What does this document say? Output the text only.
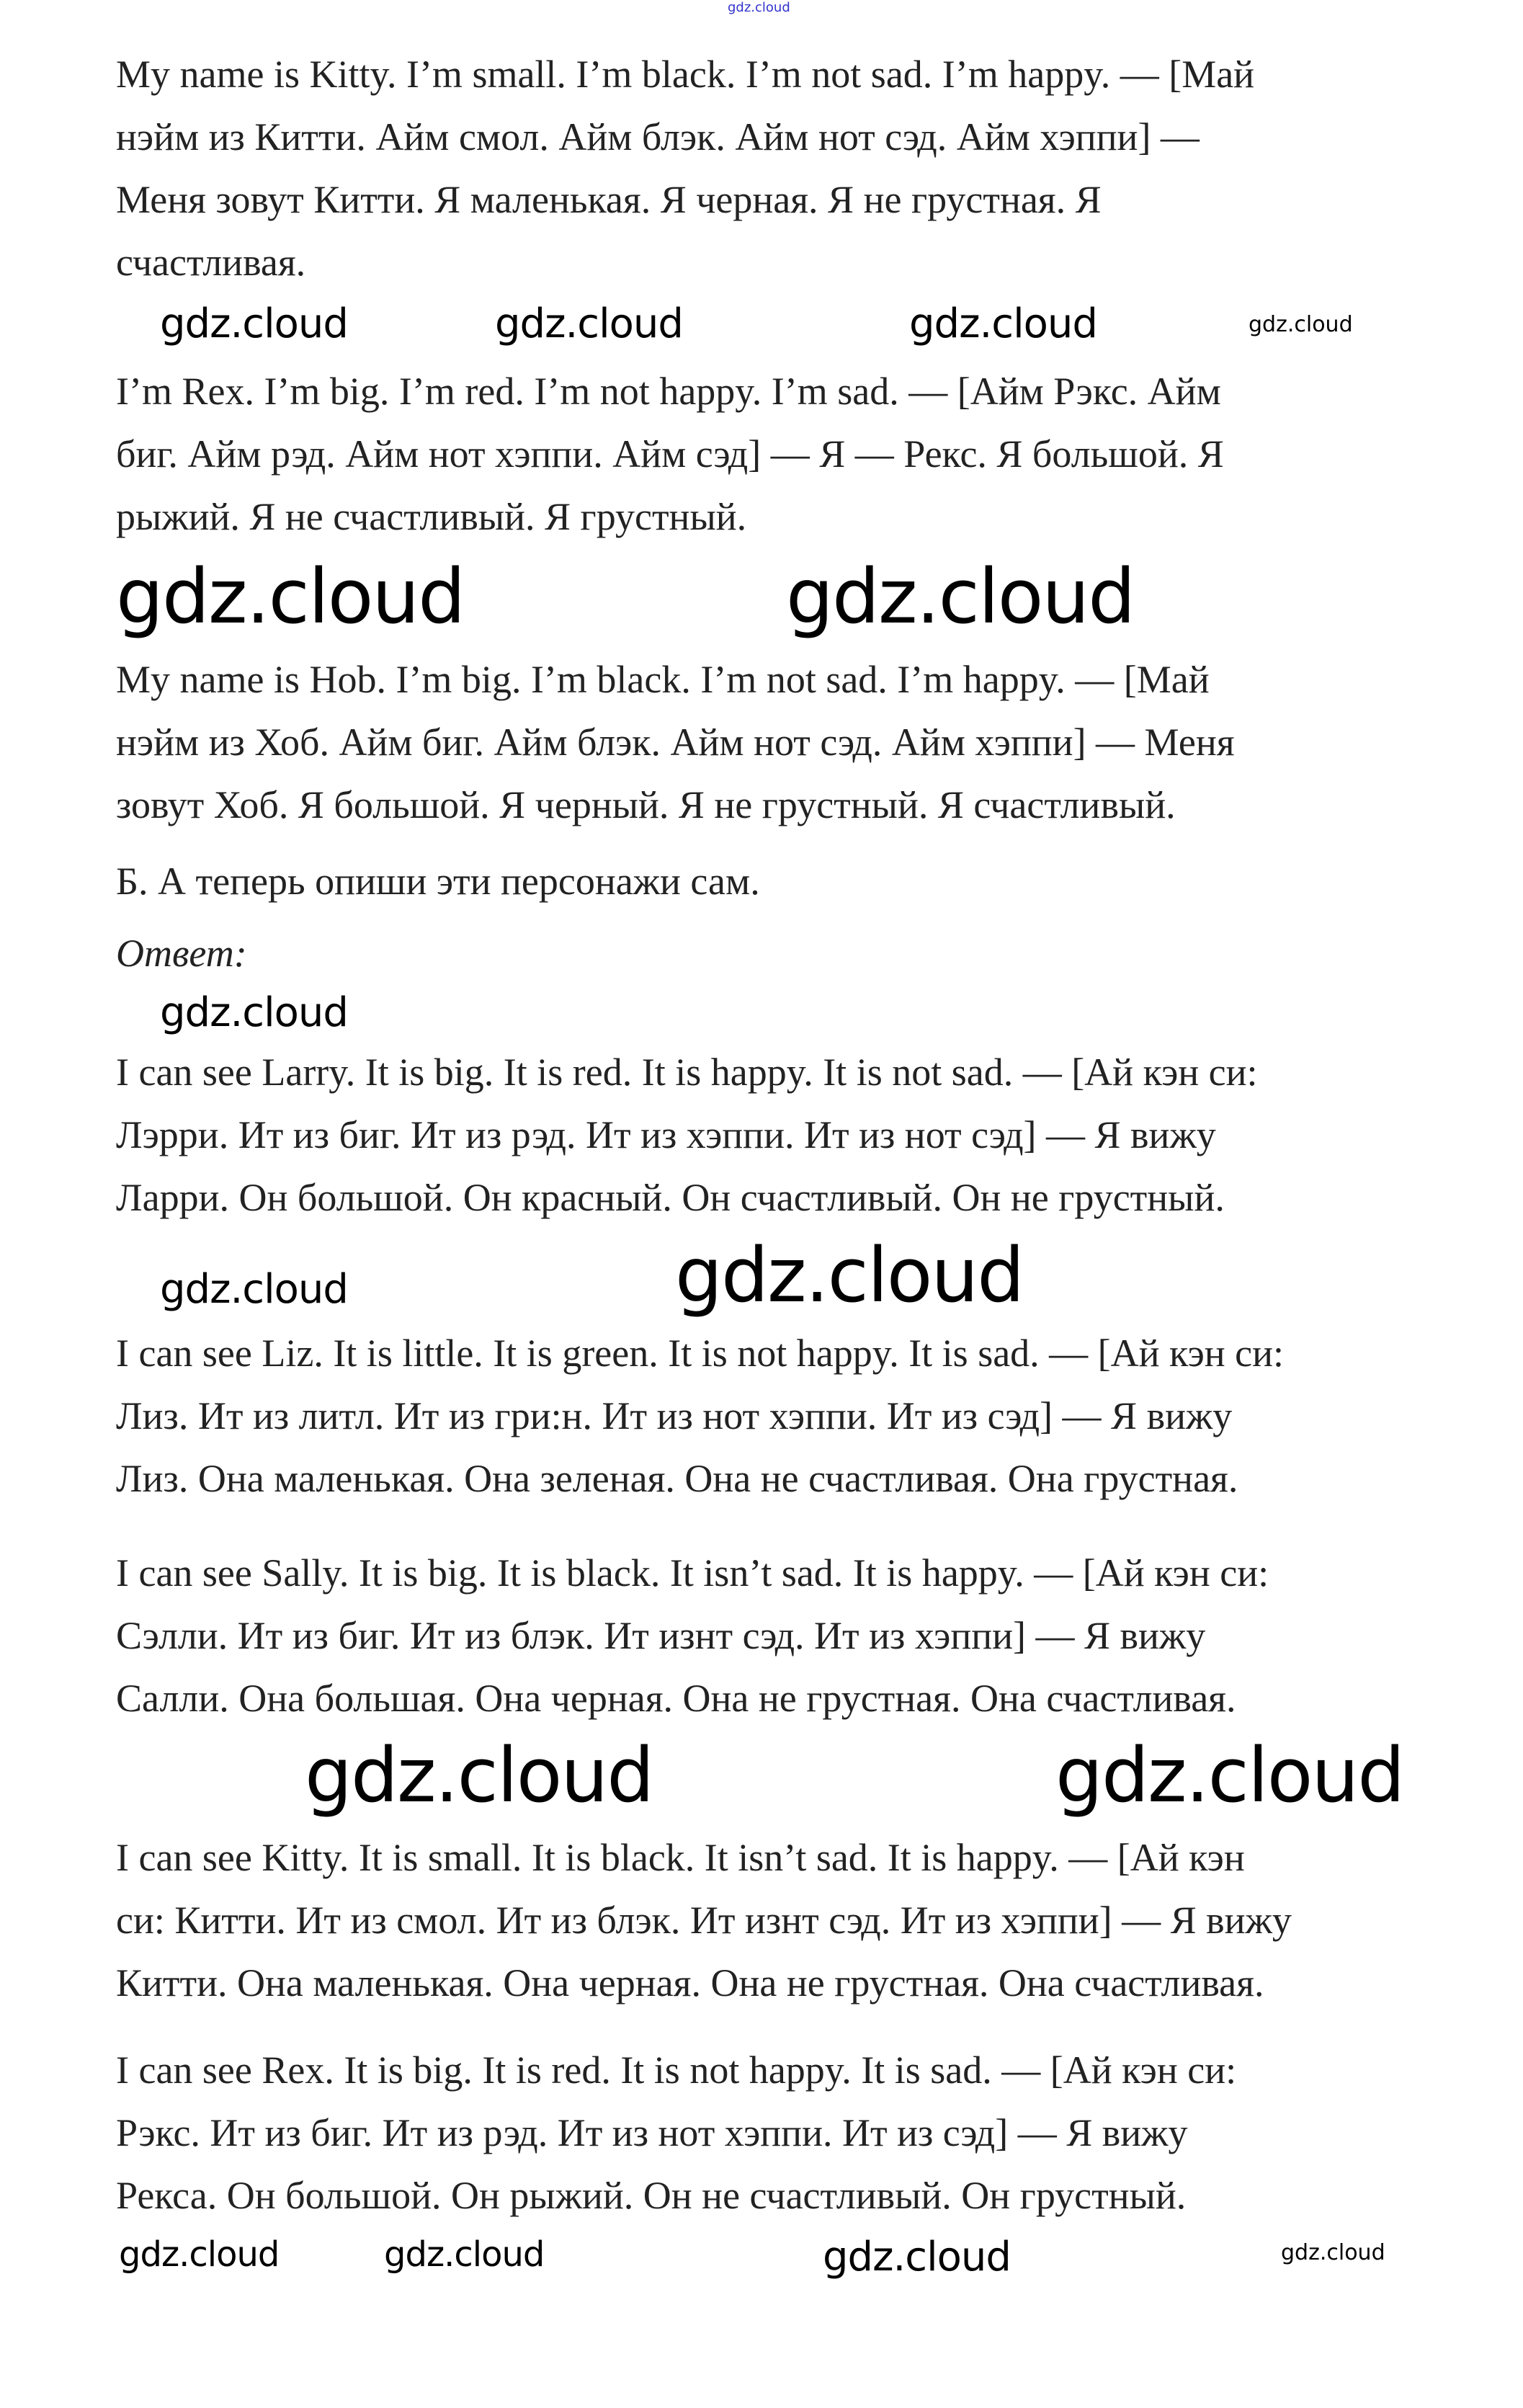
gdz.cloud
My name is Kitty. I’m small. I’m black. I’m not sad. I’m happy. — [Май
нэйм из Китти. Айм смол. Айм блэк. Айм нот сэд. Айм хэппи] —
Меня зовут Китти. Я маленькая. Я черная. Я не грустная. Я
счастливая.
gdz.cloud	gdz.cloud	gdz.cloud	gdz.cloud
I’m Rex. I’m big. I’m red. I’m not happy. I’m sad. — [Айм Рэкс. Айм
биг. Айм рэд. Айм нот хэппи. Айм сэд] — Я — Рекс. Я большой. Я
рыжий. Я не счастливый. Я грустный.
gdz.cloud	gdz.cloud
My name is Hob. I’m big. I’m black. I’m not sad. I’m happy. — [Май
нэйм из Хоб. Айм биг. Айм блэк. Айм нот сэд. Айм хэппи] — Меня
зовут Хоб. Я большой. Я черный. Я не грустный. Я счастливый.
Б. А теперь опиши эти персонажи сам.
Ответ:
gdz.cloud
I can see Larry. It is big. It is red. It is happy. It is not sad. — [Ай кэн си:
Лэрри. Ит из биг. Ит из рэд. Ит из хэппи. Ит из нот сэд] — Я вижу
Ларри. Он большой. Он красный. Он счастливый. Он не грустный.
gdz.cloud
gdz.cloud
I can see Liz. It is little. It is green. It is not happy. It is sad. — [Ай кэн си:
Лиз. Ит из литл. Ит из гри:н. Ит из нот хэппи. Ит из сэд] — Я вижу
Лиз. Она маленькая. Она зеленая. Она не счастливая. Она грустная.
I can see Sally. It is big. It is black. It isn’t sad. It is happy. — [Ай кэн си:
Сэлли. Ит из биг. Ит из блэк. Ит изнт сэд. Ит из хэппи] — Я вижу
Салли. Она большая. Она черная. Она не грустная. Она счастливая.
gdz.cloud	gdz.cloud
I can see Kitty. It is small. It is black. It isn’t sad. It is happy. — [Ай кэн
си: Китти. Ит из смол. Ит из блэк. Ит изнт сэд. Ит из хэппи] — Я вижу
Китти. Она маленькая. Она черная. Она не грустная. Она счастливая.
I can see Rex. It is big. It is red. It is not happy. It is sad. — [Ай кэн си:
Рэкс. Ит из биг. Ит из рэд. Ит из нот хэппи. Ит из сэд] — Я вижу
Рекса. Он большой. Он рыжий. Он не счастливый. Он грустный.
gdz.cloud	gdz.cloud	gdz.cloud	gdz.cloud
